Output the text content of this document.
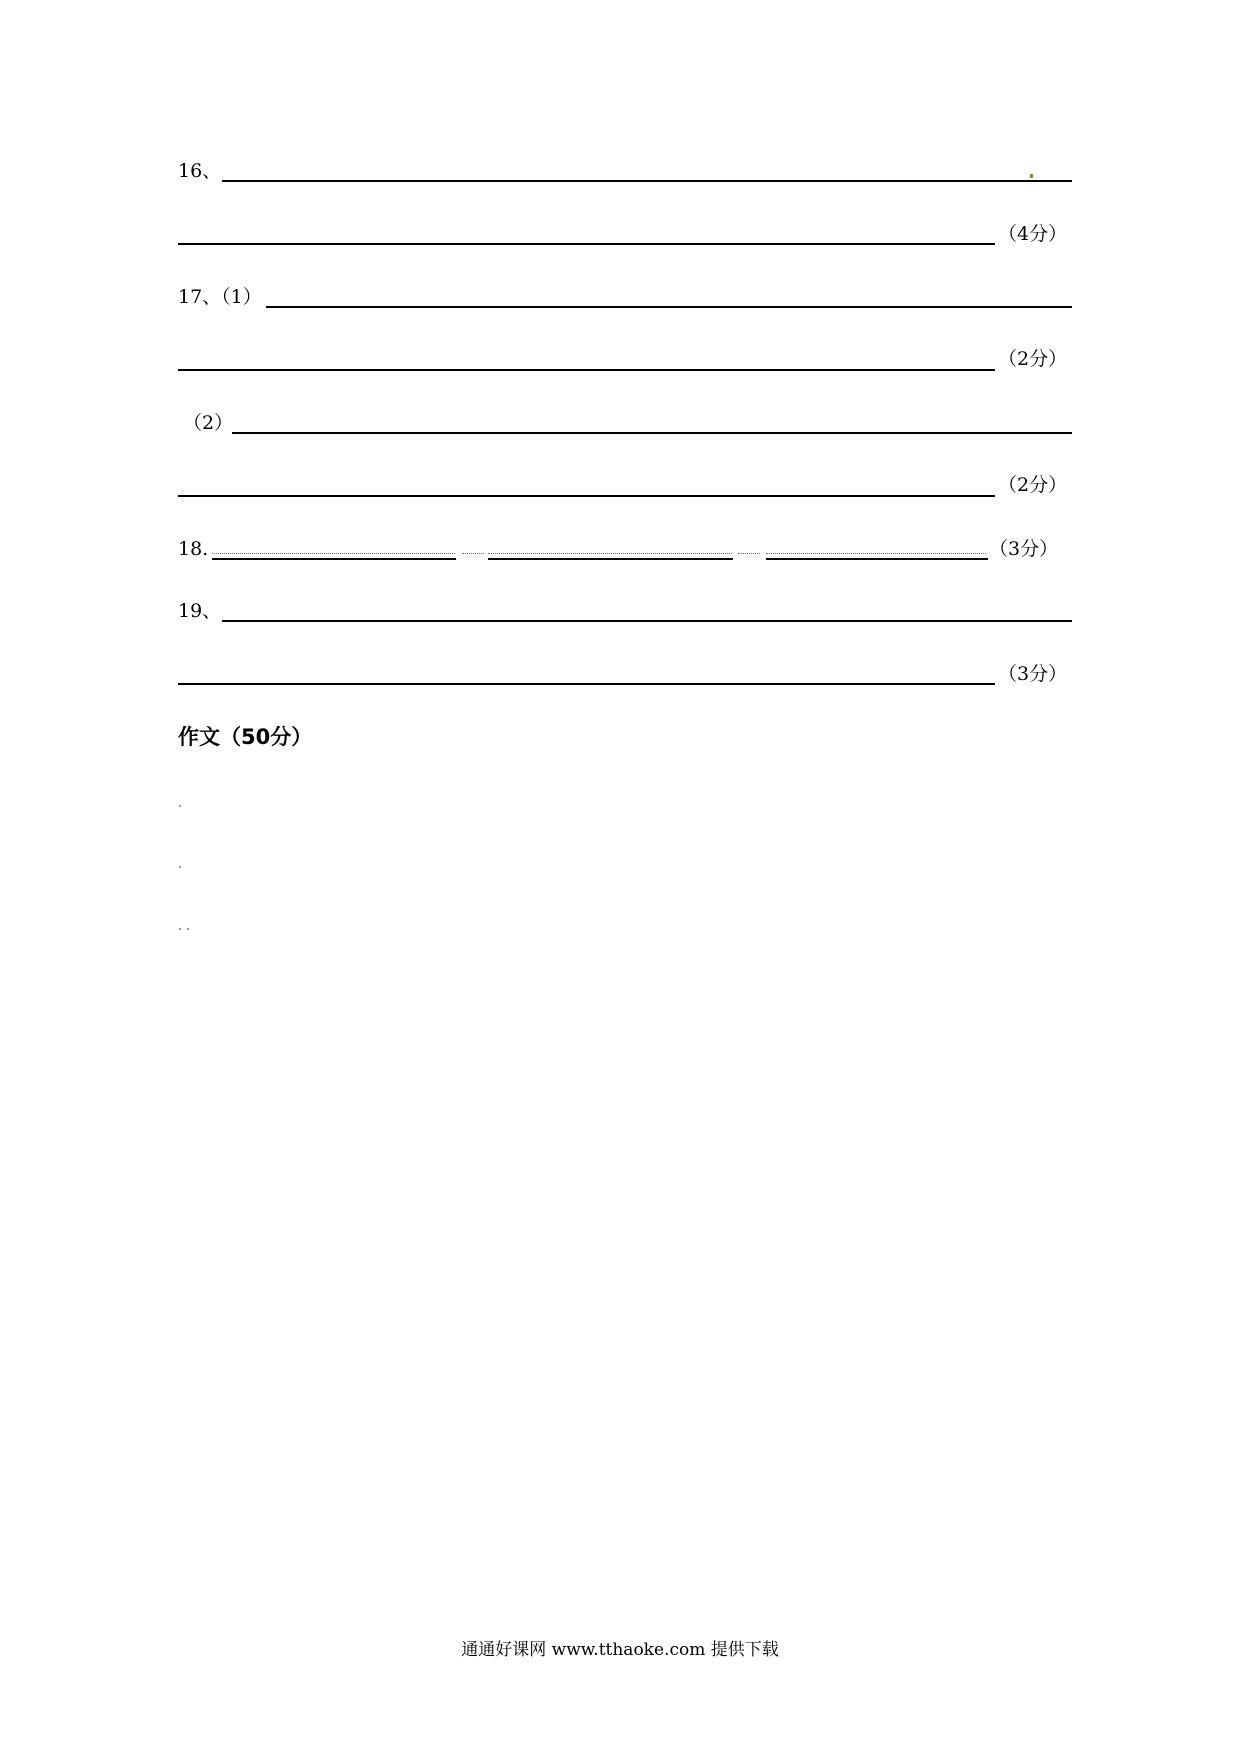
16、
（4分）
17、（1）
（2分）
（2）
（2分）
18.	（3分）
19、
（3分）
作文（50分）
通通好课网 www.tthaoke.com 提供下载
